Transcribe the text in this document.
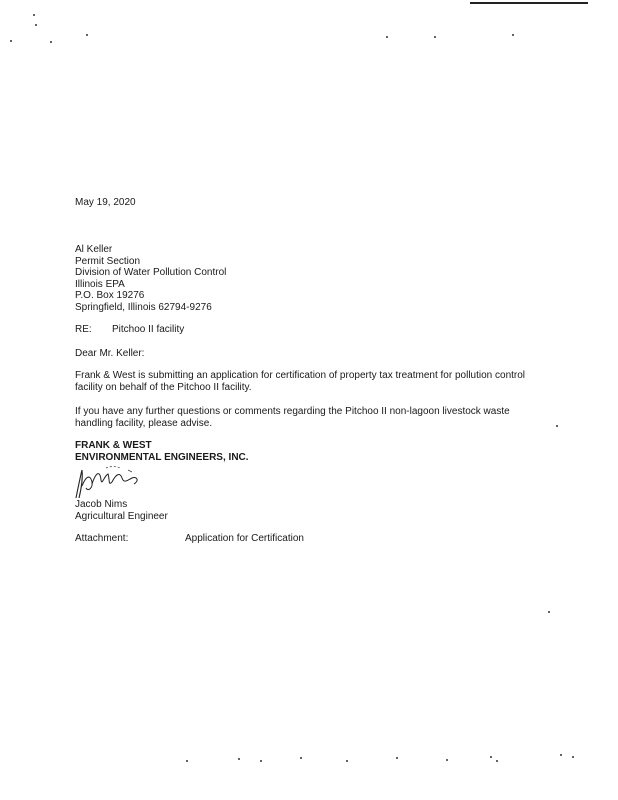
May 19, 2020
Al Keller
Permit Section
Division of Water Pollution Control
Illinois EPA
P.O. Box 19276
Springfield, Illinois 62794-9276
RE: Pitchoo II facility
Dear Mr. Keller:
Frank & West is submitting an application for certification of property tax treatment for pollution control facility on behalf of the Pitchoo II facility.
If you have any further questions or comments regarding the Pitchoo II non-lagoon livestock waste handling facility, please advise.
FRANK & WEST
ENVIRONMENTAL ENGINEERS, INC.
Jacob Nims
Agricultural Engineer
Attachment:	Application for Certification
